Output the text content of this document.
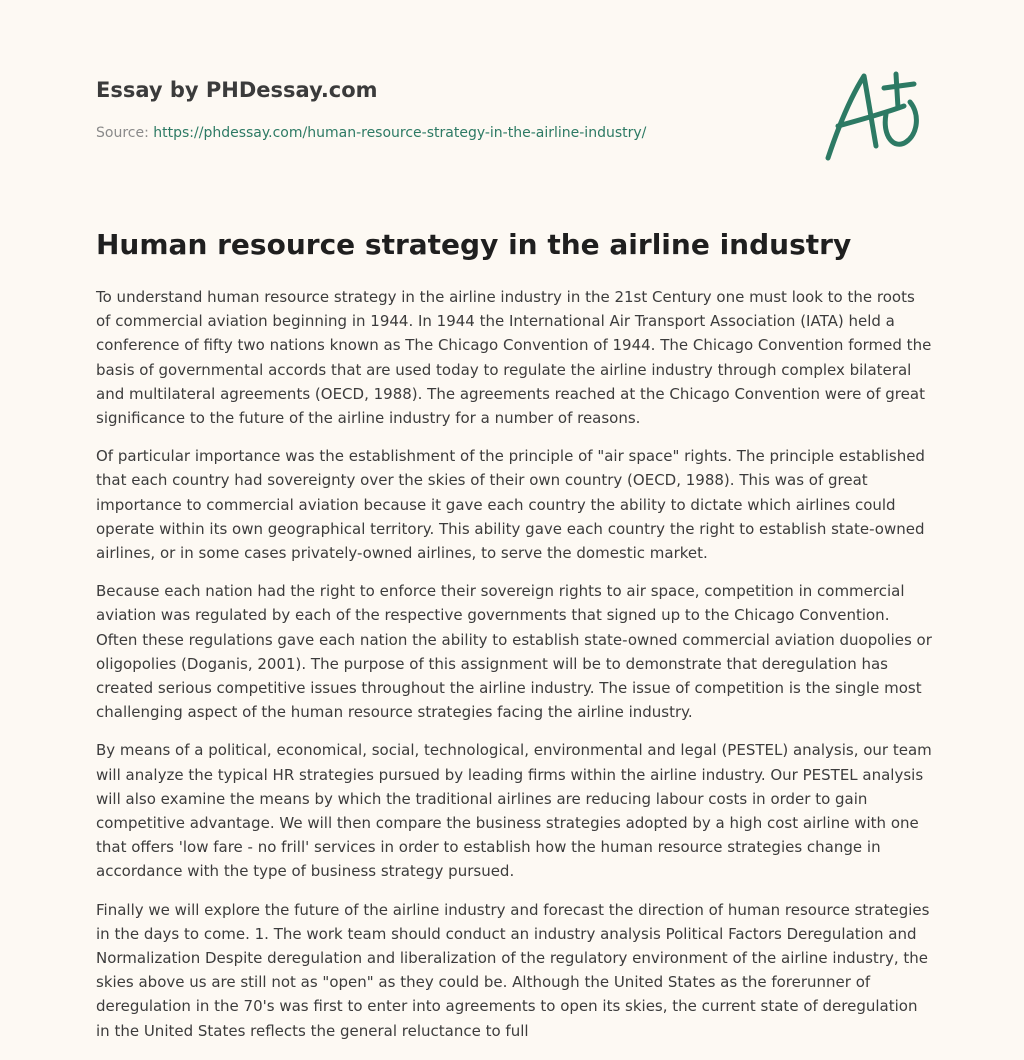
Essay by PHDessay.com
Source: https://phdessay.com/human-resource-strategy-in-the-airline-industry/
Human resource strategy in the airline industry

To understand human resource strategy in the airline industry in the 21st Century one must look to the roots of commercial aviation beginning in 1944. In 1944 the International Air Transport Association (IATA) held a conference of fifty two nations known as The Chicago Convention of 1944. The Chicago Convention formed the basis of governmental accords that are used today to regulate the airline industry through complex bilateral and multilateral agreements (OECD, 1988). The agreements reached at the Chicago Convention were of great significance to the future of the airline industry for a number of reasons.

Of particular importance was the establishment of the principle of "air space" rights. The principle established that each country had sovereignty over the skies of their own country (OECD, 1988). This was of great importance to commercial aviation because it gave each country the ability to dictate which airlines could operate within its own geographical territory. This ability gave each country the right to establish state-owned airlines, or in some cases privately-owned airlines, to serve the domestic market.

Because each nation had the right to enforce their sovereign rights to air space, competition in commercial aviation was regulated by each of the respective governments that signed up to the Chicago Convention. Often these regulations gave each nation the ability to establish state-owned commercial aviation duopolies or oligopolies (Doganis, 2001). The purpose of this assignment will be to demonstrate that deregulation has created serious competitive issues throughout the airline industry. The issue of competition is the single most challenging aspect of the human resource strategies facing the airline industry.

By means of a political, economical, social, technological, environmental and legal (PESTEL) analysis, our team will analyze the typical HR strategies pursued by leading firms within the airline industry. Our PESTEL analysis will also examine the means by which the traditional airlines are reducing labour costs in order to gain competitive advantage. We will then compare the business strategies adopted by a high cost airline with one that offers 'low fare - no frill' services in order to establish how the human resource strategies change in accordance with the type of business strategy pursued.

Finally we will explore the future of the airline industry and forecast the direction of human resource strategies in the days to come. 1. The work team should conduct an industry analysis Political Factors Deregulation and Normalization Despite deregulation and liberalization of the regulatory environment of the airline industry, the skies above us are still not as "open" as they could be. Although the United States as the forerunner of deregulation in the 70's was first to enter into agreements to open its skies, the current state of deregulation in the United States reflects the general reluctance to full
